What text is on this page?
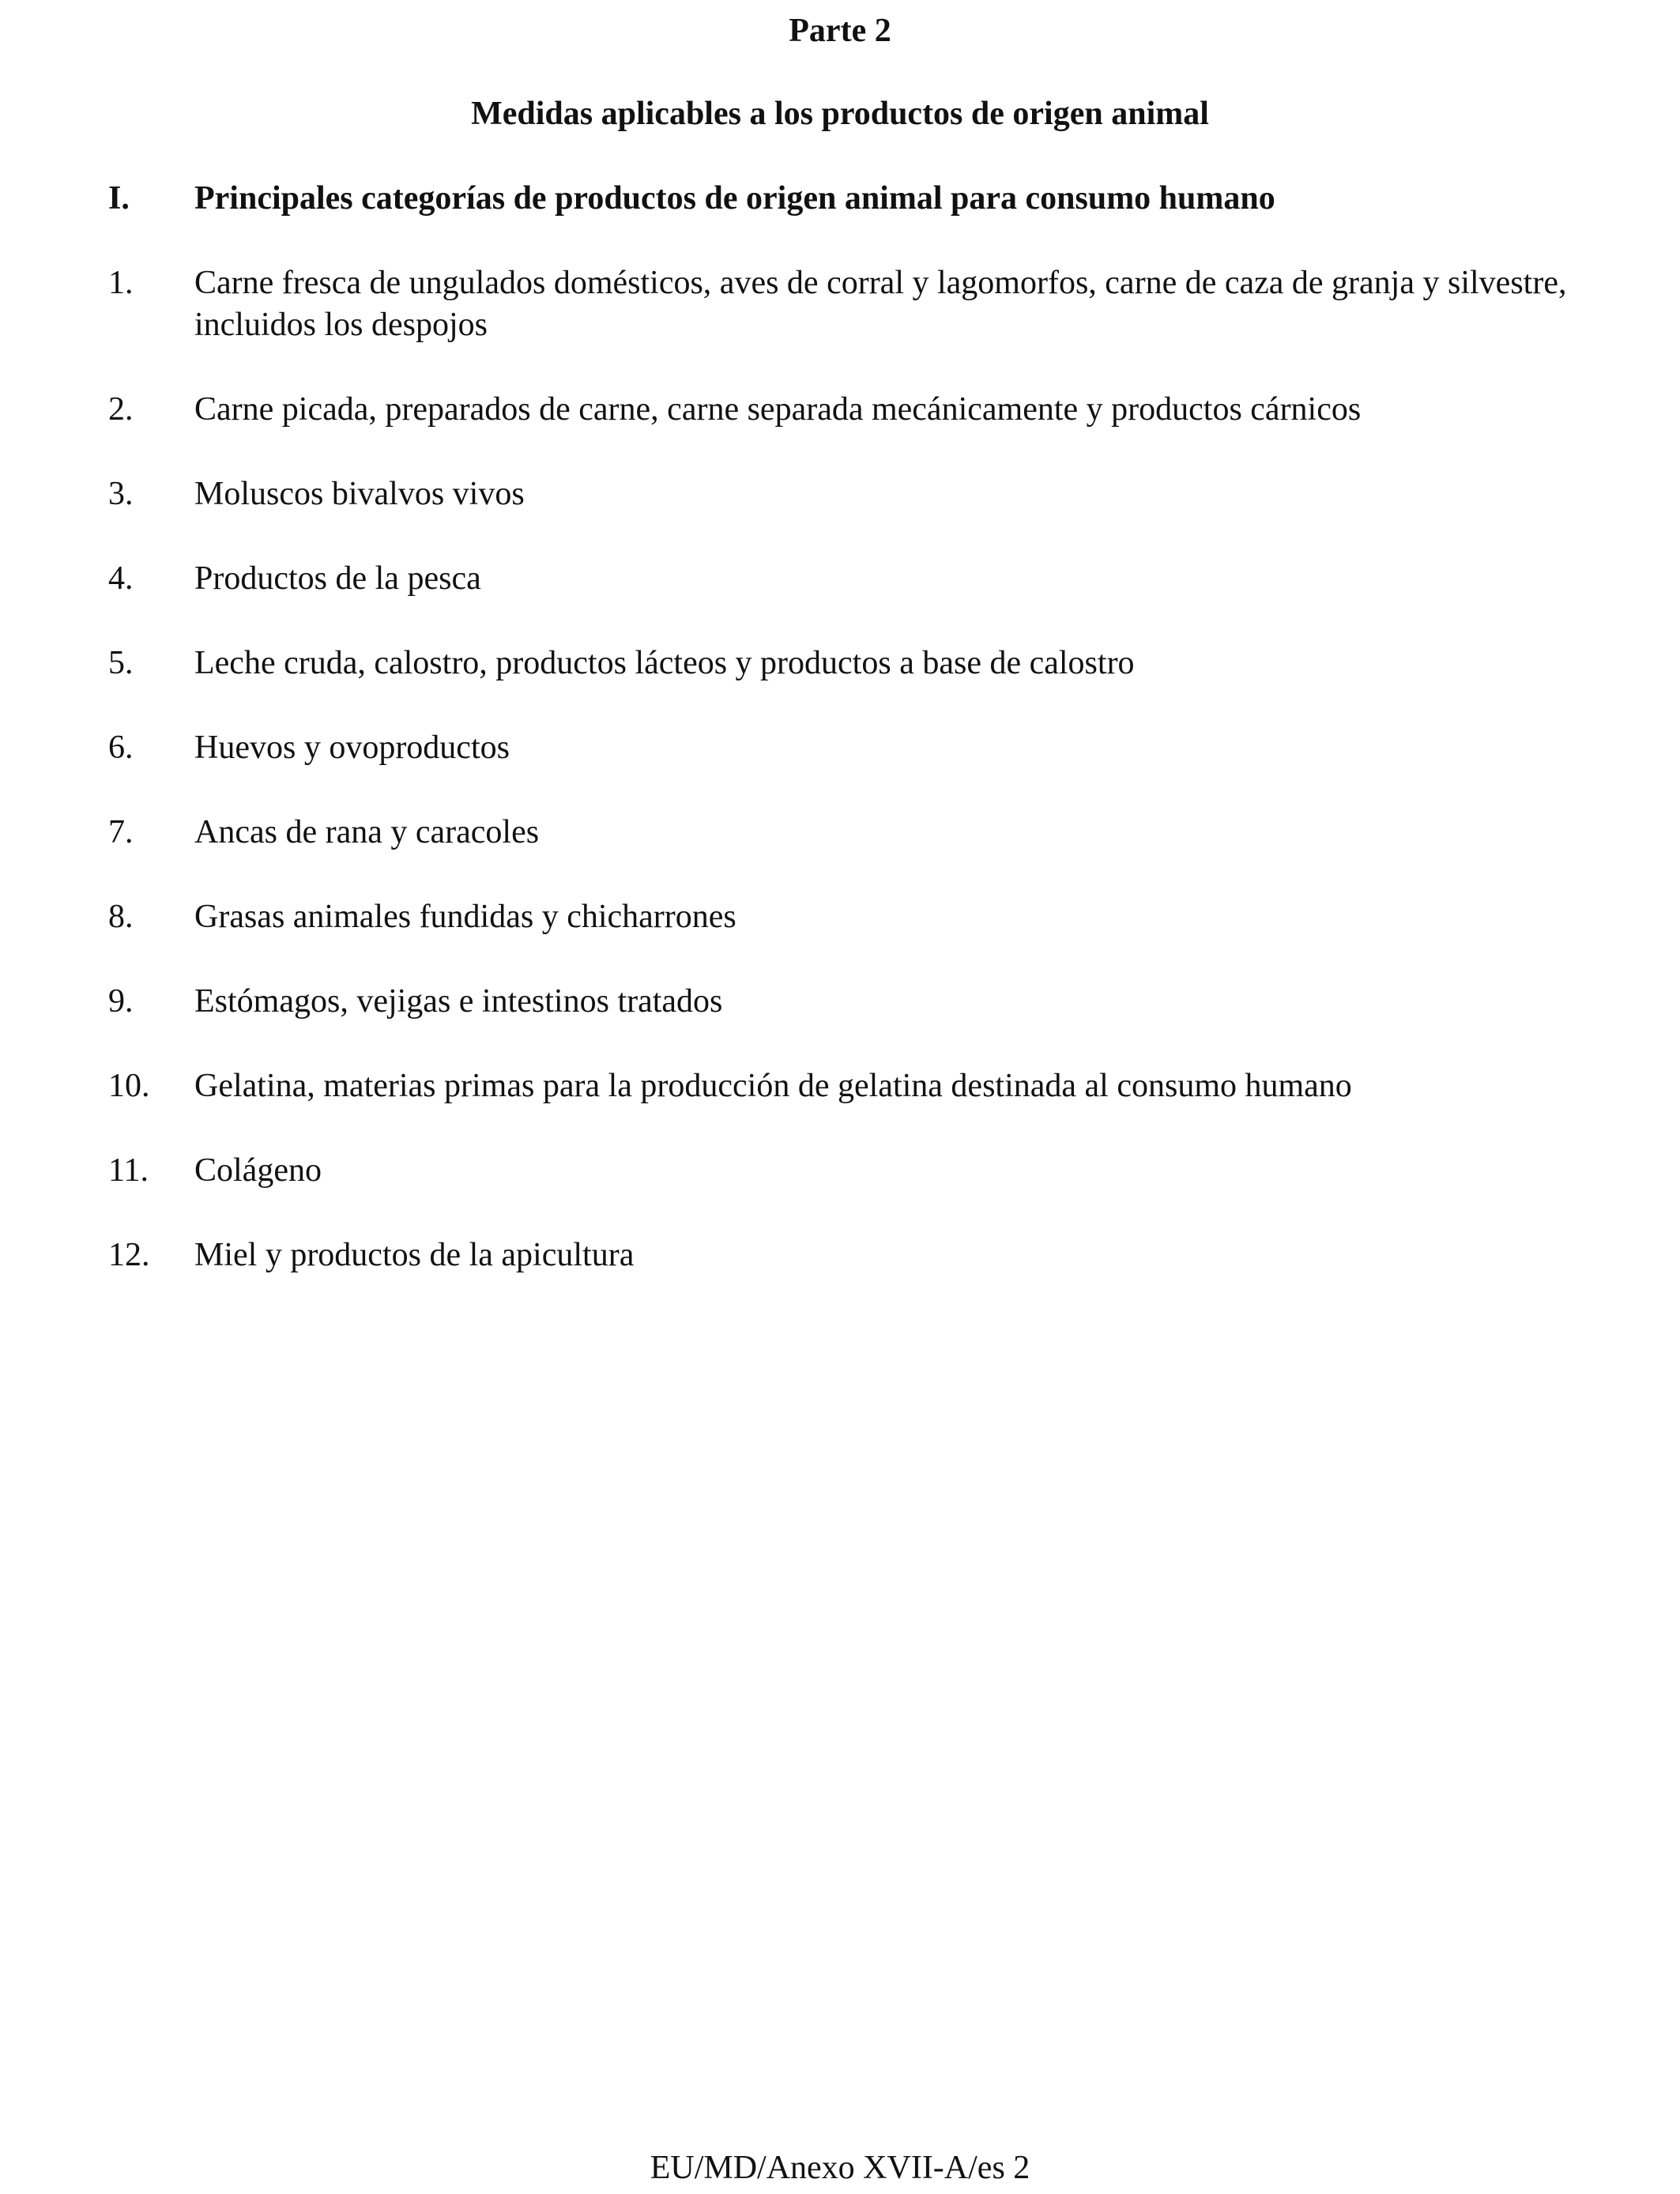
Parte 2
Medidas aplicables a los productos de origen animal
I. Principales categorías de productos de origen animal para consumo humano
1. Carne fresca de ungulados domésticos, aves de corral y lagomorfos, carne de caza de granja y silvestre, incluidos los despojos
2. Carne picada, preparados de carne, carne separada mecánicamente y productos cárnicos
3. Moluscos bivalvos vivos
4. Productos de la pesca
5. Leche cruda, calostro, productos lácteos y productos a base de calostro
6. Huevos y ovoproductos
7. Ancas de rana y caracoles
8. Grasas animales fundidas y chicharrones
9. Estómagos, vejigas e intestinos tratados
10. Gelatina, materias primas para la producción de gelatina destinada al consumo humano
11. Colágeno
12. Miel y productos de la apicultura
EU/MD/Anexo XVII-A/es 2
